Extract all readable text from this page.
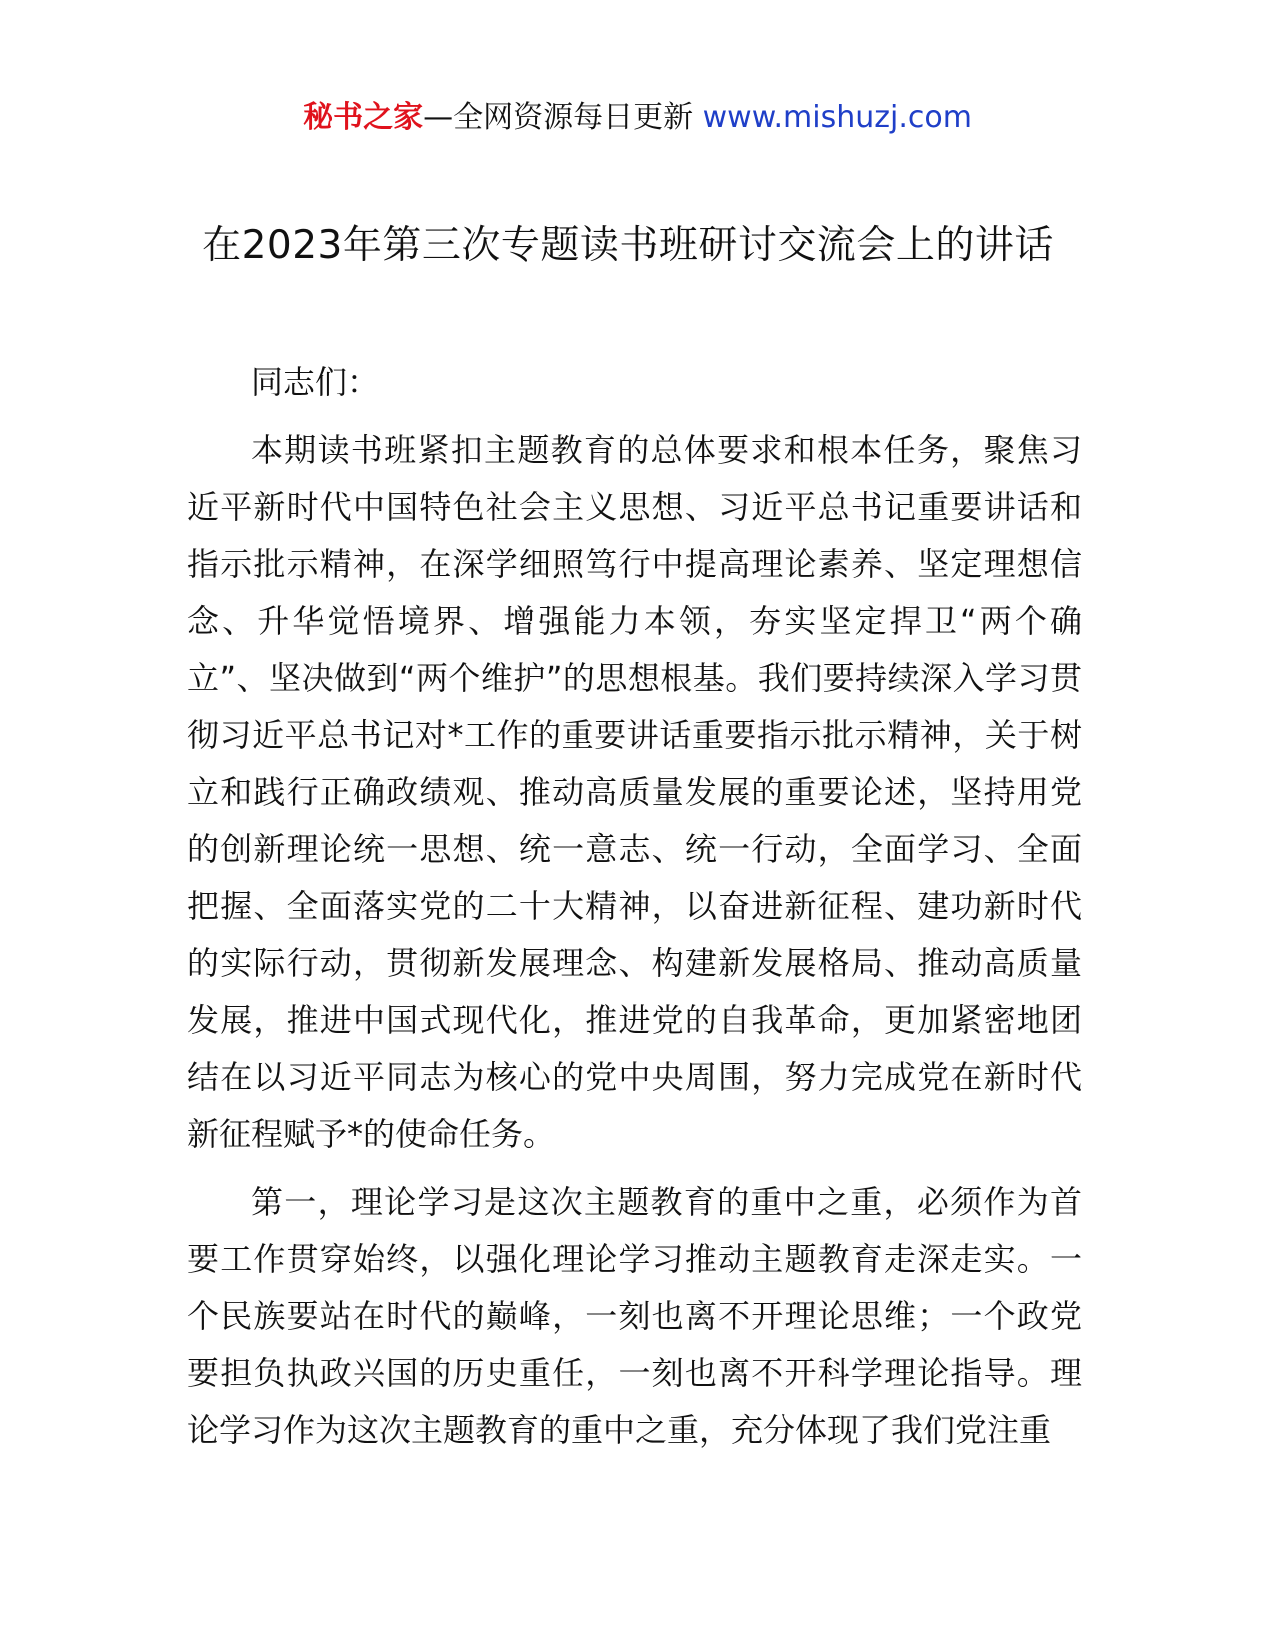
秘书之家—全网资源每日更新 www.mishuzj.com
在2023年第三次专题读书班研讨交流会上的讲话

同志们：

本期读书班紧扣主题教育的总体要求和根本任务，聚焦习近平新时代中国特色社会主义思想、习近平总书记重要讲话和指示批示精神，在深学细照笃行中提高理论素养、坚定理想信念、升华觉悟境界、增强能力本领，夯实坚定捍卫“两个确立”、坚决做到“两个维护”的思想根基。我们要持续深入学习贯彻习近平总书记对*工作的重要讲话重要指示批示精神，关于树立和践行正确政绩观、推动高质量发展的重要论述，坚持用党的创新理论统一思想、统一意志、统一行动，全面学习、全面把握、全面落实党的二十大精神，以奋进新征程、建功新时代的实际行动，贯彻新发展理念、构建新发展格局、推动高质量发展，推进中国式现代化，推进党的自我革命，更加紧密地团结在以习近平同志为核心的党中央周围，努力完成党在新时代新征程赋予*的使命任务。

第一，理论学习是这次主题教育的重中之重，必须作为首要工作贯穿始终，以强化理论学习推动主题教育走深走实。一个民族要站在时代的巅峰，一刻也离不开理论思维；一个政党要担负执政兴国的历史重任，一刻也离不开科学理论指导。理论学习作为这次主题教育的重中之重，充分体现了我们党注重
